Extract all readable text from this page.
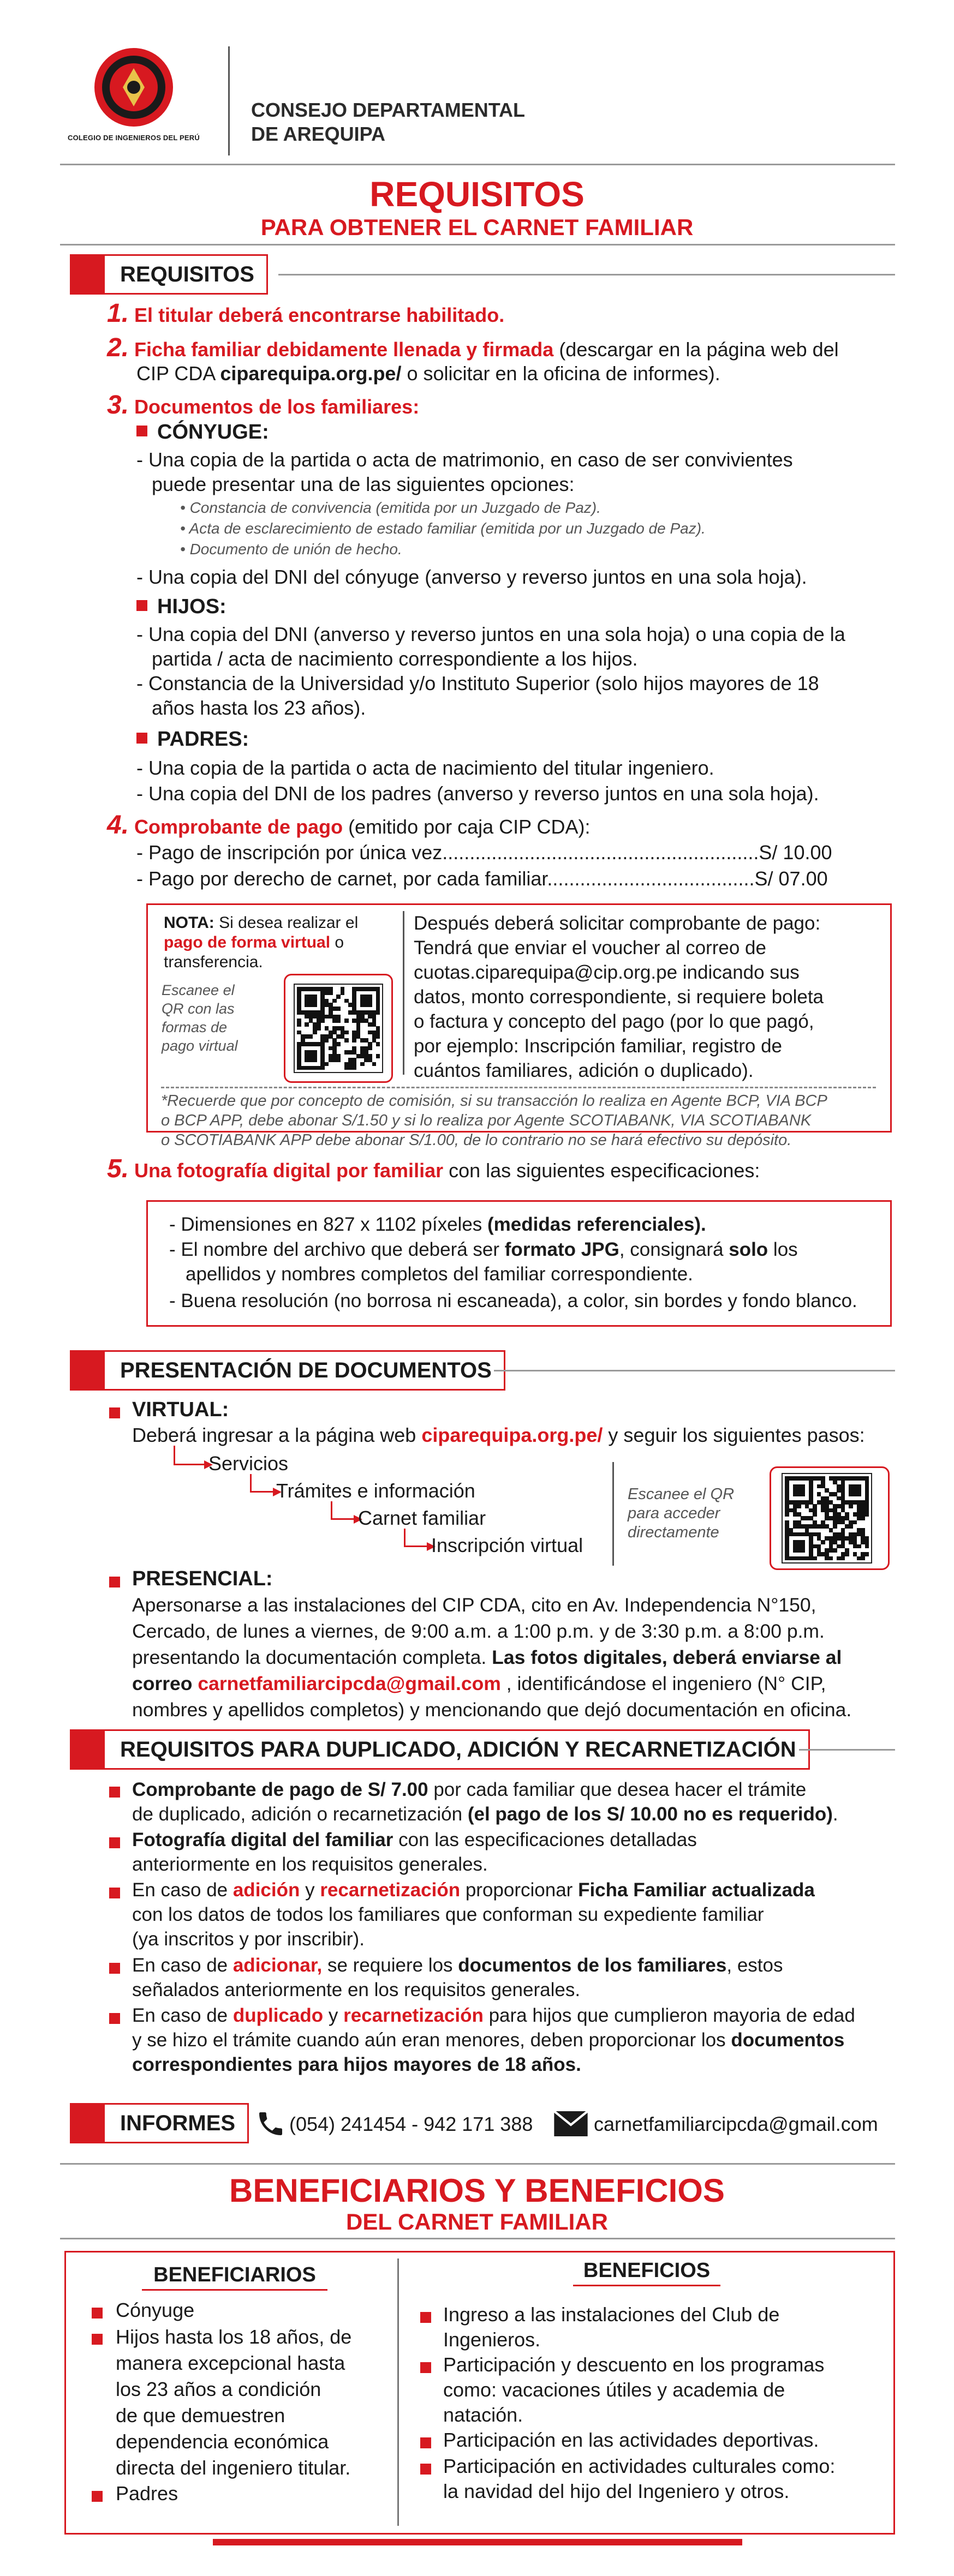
COLEGIO DE INGENIEROS DEL PERÚ
CONSEJO DEPARTAMENTAL
DE AREQUIPA
REQUISITOS
PARA OBTENER EL CARNET FAMILIAR
REQUISITOS
1. El titular deberá encontrarse habilitado.
2. Ficha familiar debidamente llenada y firmada (descargar en la página web del
CIP CDA ciparequipa.org.pe/ o solicitar en la oficina de informes).
3. Documentos de los familiares:
CÓNYUGE:
- Una copia de la partida o acta de matrimonio, en caso de ser convivientes
puede presentar una de las siguientes opciones:
• Constancia de convivencia (emitida por un Juzgado de Paz).
• Acta de esclarecimiento de estado familiar (emitida por un Juzgado de Paz).
• Documento de unión de hecho.
- Una copia del DNI del cónyuge (anverso y reverso juntos en una sola hoja).
HIJOS:
- Una copia del DNI (anverso y reverso juntos en una sola hoja) o una copia de la
partida / acta de nacimiento correspondiente a los hijos.
- Constancia de la Universidad y/o Instituto Superior (solo hijos mayores de 18
años hasta los 23 años).
PADRES:
- Una copia de la partida o acta de nacimiento del titular ingeniero.
- Una copia del DNI de los padres (anverso y reverso juntos en una sola hoja).
4. Comprobante de pago (emitido por caja CIP CDA):
- Pago de inscripción por única vez..........................................................S/ 10.00
- Pago por derecho de carnet, por cada familiar......................................S/ 07.00
NOTA: Si desea realizar el
pago de forma virtual o
transferencia.
Escanee el
QR con las
formas de
pago virtual
Después deberá solicitar comprobante de pago:
Tendrá que enviar el voucher al correo de
cuotas.ciparequipa@cip.org.pe indicando sus
datos, monto correspondiente, si requiere boleta
o factura y concepto del pago (por lo que pagó,
por ejemplo: Inscripción familiar, registro de
cuántos familiares, adición o duplicado).
*Recuerde que por concepto de comisión, si su transacción lo realiza en Agente BCP, VIA BCP
o BCP APP, debe abonar S/1.50 y si lo realiza por Agente SCOTIABANK, VIA SCOTIABANK
o SCOTIABANK APP debe abonar S/1.00, de lo contrario no se hará efectivo su depósito.
5. Una fotografía digital por familiar con las siguientes especificaciones:
- Dimensiones en 827 x 1102 píxeles (medidas referenciales).
- El nombre del archivo que deberá ser formato JPG, consignará solo los
apellidos y nombres completos del familiar correspondiente.
- Buena resolución (no borrosa ni escaneada), a color, sin bordes y fondo blanco.
PRESENTACIÓN DE DOCUMENTOS
VIRTUAL:
Deberá ingresar a la página web ciparequipa.org.pe/ y seguir los siguientes pasos:
Servicios
Trámites e información
Carnet familiar
Inscripción virtual
Escanee el QR
para acceder
directamente
PRESENCIAL:
Apersonarse a las instalaciones del CIP CDA, cito en Av. Independencia N°150,
Cercado, de lunes a viernes, de 9:00 a.m. a 1:00 p.m. y de 3:30 p.m. a 8:00 p.m.
presentando la documentación completa. Las fotos digitales, deberá enviarse al
correo carnetfamiliarcipcda@gmail.com , identificándose el ingeniero (N° CIP,
nombres y apellidos completos) y mencionando que dejó documentación en oficina.
REQUISITOS PARA DUPLICADO, ADICIÓN Y RECARNETIZACIÓN
Comprobante de pago de S/ 7.00 por cada familiar que desea hacer el trámite
de duplicado, adición o recarnetización (el pago de los S/ 10.00 no es requerido).
Fotografía digital del familiar con las especificaciones detalladas
anteriormente en los requisitos generales.
En caso de adición y recarnetización proporcionar Ficha Familiar actualizada
con los datos de todos los familiares que conforman su expediente familiar
(ya inscritos y por inscribir).
En caso de adicionar, se requiere los documentos de los familiares, estos
señalados anteriormente en los requisitos generales.
En caso de duplicado y recarnetización para hijos que cumplieron mayoria de edad
y se hizo el trámite cuando aún eran menores, deben proporcionar los documentos
correspondientes para hijos mayores de 18 años.
INFORMES	(054) 241454 - 942 171 388	carnetfamiliarcipcda@gmail.com
BENEFICIARIOS Y BENEFICIOS
DEL CARNET FAMILIAR
BENEFICIARIOS
Cónyuge
Hijos hasta los 18 años, de
manera excepcional hasta
los 23 años a condición
de que demuestren
dependencia económica
directa del ingeniero titular.
Padres
BENEFICIOS
Ingreso a las instalaciones del Club de
Ingenieros.
Participación y descuento en los programas
como: vacaciones útiles y academia de
natación.
Participación en las actividades deportivas.
Participación en actividades culturales como:
la navidad del hijo del Ingeniero y otros.
